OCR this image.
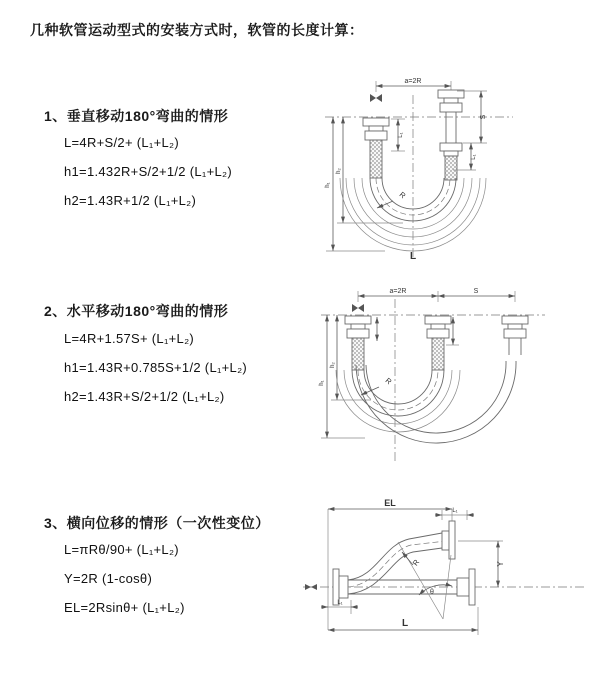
几种软管运动型式的安装方式时，软管的长度计算：
1、垂直移动180°弯曲的情形
L=4R+S/2+ (L₁+L₂)
h1=1.432R+S/2+1/2 (L₁+L₂)
h2=1.43R+1/2 (L₁+L₂)
2、水平移动180°弯曲的情形
L=4R+1.57S+ (L₁+L₂)
h1=1.43R+0.785S+1/2 (L₁+L₂)
h2=1.43R+S/2+1/2 (L₁+L₂)
3、横向位移的情形（一次性变位）
L=πRθ/90+ (L₁+L₂)
Y=2R (1-cosθ)
EL=2Rsinθ+ (L₁+L₂)
a=2R
L₁
S
L₁
h₁
h₂
R
L
a=2R	S
h₁
h₂
R
EL
L₁
Y
θ
R
L
L₁
